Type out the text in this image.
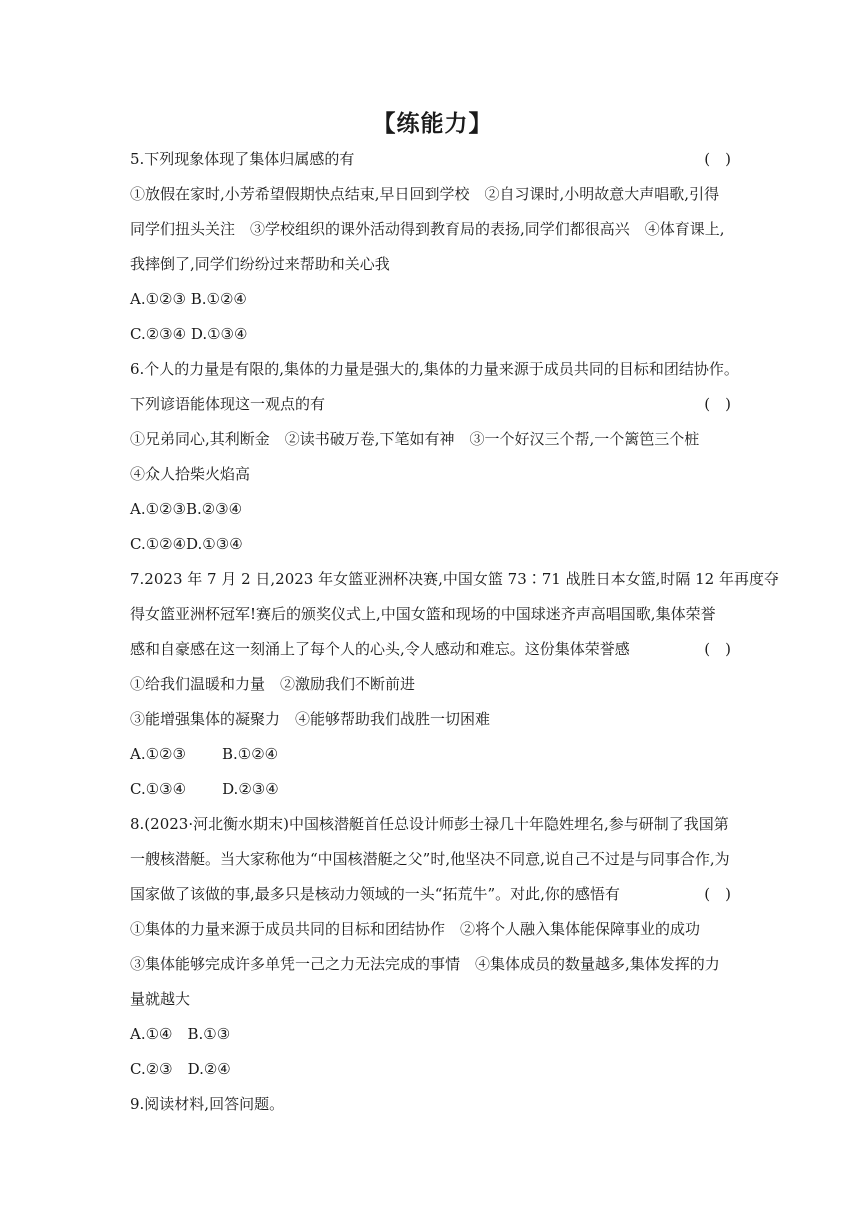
【练能力】
5.下列现象体现了集体归属感的有	(　)
①放假在家时,小芳希望假期快点结束,早日回到学校　②自习课时,小明故意大声唱歌,引得
同学们扭头关注　③学校组织的课外活动得到教育局的表扬,同学们都很高兴　④体育课上,
我摔倒了,同学们纷纷过来帮助和关心我
A.①②③ B.①②④
C.②③④ D.①③④
6.个人的力量是有限的,集体的力量是强大的,集体的力量来源于成员共同的目标和团结协作。
下列谚语能体现这一观点的有	(　)
①兄弟同心,其利断金　②读书破万卷,下笔如有神　③一个好汉三个帮,一个篱笆三个桩
④众人拾柴火焰高
A.①②③B.②③④
C.①②④D.①③④
7.2023 年 7 月 2 日,2023 年女篮亚洲杯决赛,中国女篮 73∶71 战胜日本女篮,时隔 12 年再度夺
得女篮亚洲杯冠军!赛后的颁奖仪式上,中国女篮和现场的中国球迷齐声高唱国歌,集体荣誉
感和自豪感在这一刻涌上了每个人的心头,令人感动和难忘。这份集体荣誉感	(　)
①给我们温暖和力量　②激励我们不断前进
③能增强集体的凝聚力　④能够帮助我们战胜一切困难
A.①②③ B.①②④
C.①③④ D.②③④
8.(2023·河北衡水期末)中国核潜艇首任总设计师彭士禄几十年隐姓埋名,参与研制了我国第
一艘核潜艇。当大家称他为“中国核潜艇之父”时,他坚决不同意,说自己不过是与同事合作,为
国家做了该做的事,最多只是核动力领域的一头“拓荒牛”。对此,你的感悟有	(　)
①集体的力量来源于成员共同的目标和团结协作　②将个人融入集体能保障事业的成功
③集体能够完成许多单凭一己之力无法完成的事情　④集体成员的数量越多,集体发挥的力
量就越大
A.①④　B.①③
C.②③　D.②④
9.阅读材料,回答问题。
